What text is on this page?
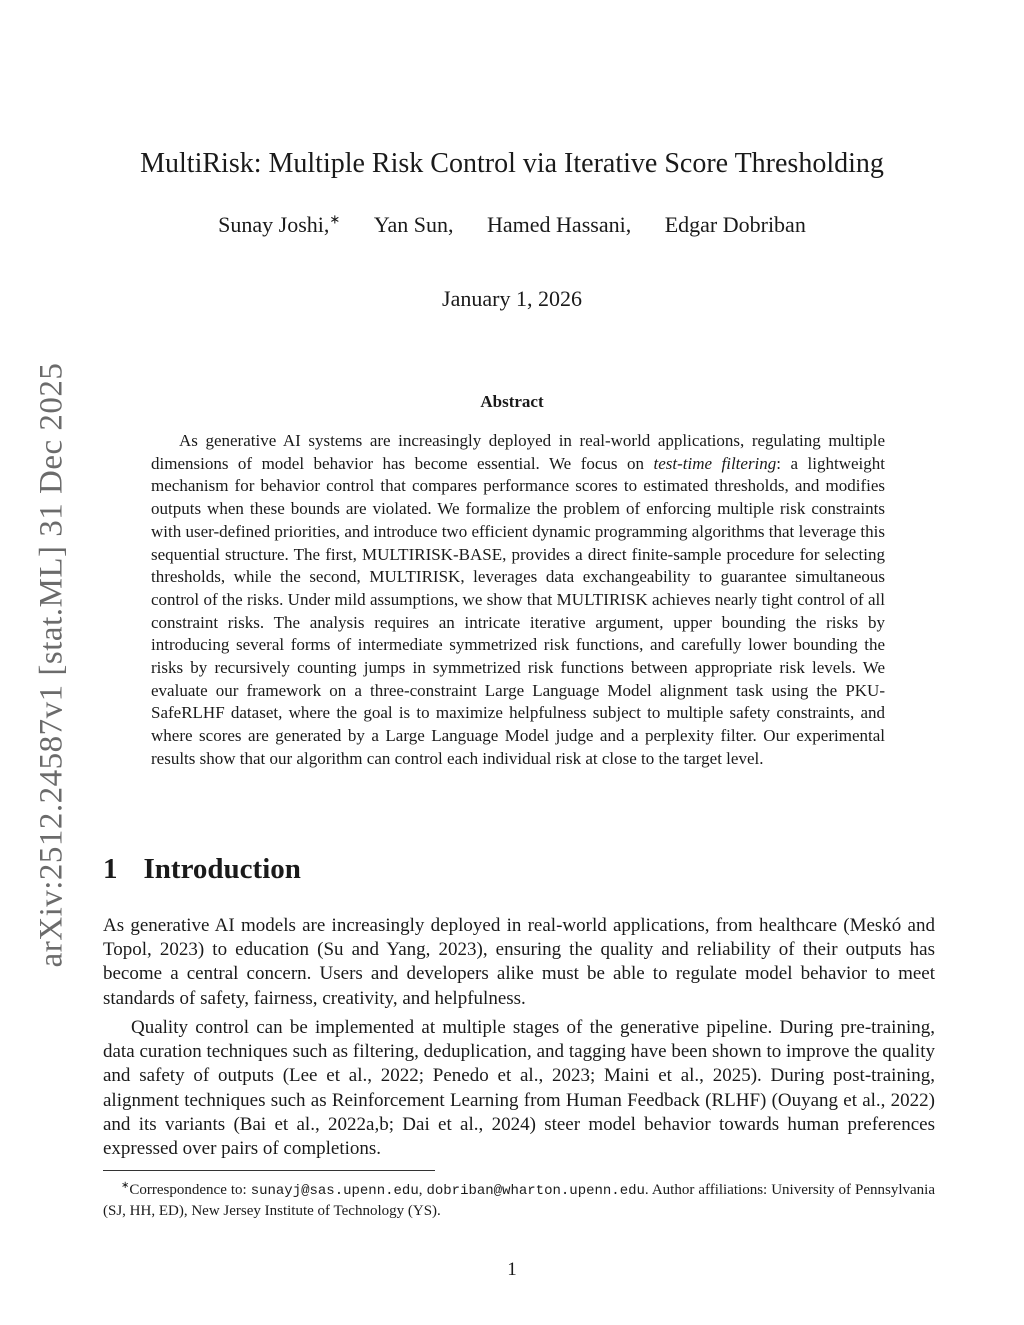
arXiv:2512.24587v1 [stat.ML] 31 Dec 2025
MultiRisk: Multiple Risk Control via Iterative Score Thresholding
Sunay Joshi,∗ Yan Sun, Hamed Hassani, Edgar Dobriban
January 1, 2026
Abstract

As generative AI systems are increasingly deployed in real-world applications, regulating multiple dimensions of model behavior has become essential. We focus on test-time filtering: a lightweight mechanism for behavior control that compares performance scores to estimated thresholds, and modifies outputs when these bounds are violated. We formalize the problem of enforcing multiple risk constraints with user-defined priorities, and introduce two efficient dynamic programming algorithms that leverage this sequential structure. The first, MULTIRISK-BASE, provides a direct finite-sample procedure for selecting thresholds, while the second, MULTIRISK, leverages data exchangeability to guarantee simultaneous control of the risks. Under mild assumptions, we show that MULTIRISK achieves nearly tight control of all constraint risks. The analysis requires an intricate iterative argument, upper bounding the risks by introducing several forms of intermediate symmetrized risk functions, and carefully lower bounding the risks by recursively counting jumps in symmetrized risk functions between appropriate risk levels. We evaluate our framework on a three-constraint Large Language Model alignment task using the PKU-SafeRLHF dataset, where the goal is to maximize helpfulness subject to multiple safety constraints, and where scores are generated by a Large Language Model judge and a perplexity filter. Our experimental results show that our algorithm can control each individual risk at close to the target level.

1 Introduction

As generative AI models are increasingly deployed in real-world applications, from healthcare (Meskó and Topol, 2023) to education (Su and Yang, 2023), ensuring the quality and reliability of their outputs has become a central concern. Users and developers alike must be able to regulate model behavior to meet standards of safety, fairness, creativity, and helpfulness.

Quality control can be implemented at multiple stages of the generative pipeline. During pre-training, data curation techniques such as filtering, deduplication, and tagging have been shown to improve the quality and safety of outputs (Lee et al., 2022; Penedo et al., 2023; Maini et al., 2025). During post-training, alignment techniques such as Reinforcement Learning from Human Feedback (RLHF) (Ouyang et al., 2022) and its variants (Bai et al., 2022a,b; Dai et al., 2024) steer model behavior towards human preferences expressed over pairs of completions.

∗Correspondence to: sunayj@sas.upenn.edu, dobriban@wharton.upenn.edu. Author affiliations: University of Pennsylvania (SJ, HH, ED), New Jersey Institute of Technology (YS).

1
